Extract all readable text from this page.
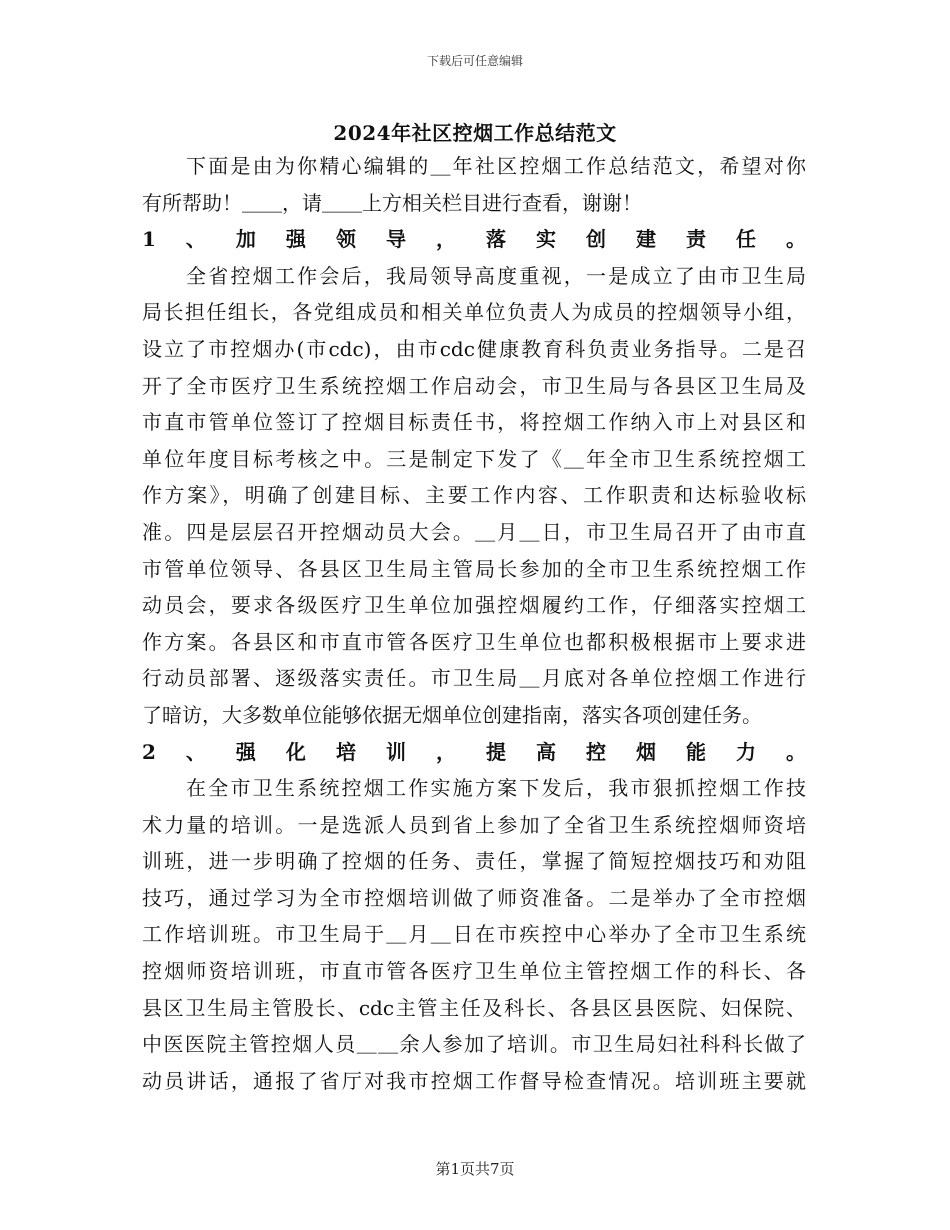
下载后可任意编辑
2024年社区控烟工作总结范文
下面是由为你精心编辑的＿年社区控烟工作总结范文，希望对你
有所帮助！＿＿，请＿＿上方相关栏目进行查看，谢谢！
1、加强领导，落实创建责任。
全省控烟工作会后，我局领导高度重视，一是成立了由市卫生局
局长担任组长，各党组成员和相关单位负责人为成员的控烟领导小组，
设立了市控烟办(市cdc)，由市cdc健康教育科负责业务指导。二是召
开了全市医疗卫生系统控烟工作启动会，市卫生局与各县区卫生局及
市直市管单位签订了控烟目标责任书，将控烟工作纳入市上对县区和
单位年度目标考核之中。三是制定下发了《＿年全市卫生系统控烟工
作方案》，明确了创建目标、主要工作内容、工作职责和达标验收标
准。四是层层召开控烟动员大会。＿月＿日，市卫生局召开了由市直
市管单位领导、各县区卫生局主管局长参加的全市卫生系统控烟工作
动员会，要求各级医疗卫生单位加强控烟履约工作，仔细落实控烟工
作方案。各县区和市直市管各医疗卫生单位也都积极根据市上要求进
行动员部署、逐级落实责任。市卫生局＿月底对各单位控烟工作进行
了暗访，大多数单位能够依据无烟单位创建指南，落实各项创建任务。
2、强化培训，提高控烟能力。
在全市卫生系统控烟工作实施方案下发后，我市狠抓控烟工作技
术力量的培训。一是选派人员到省上参加了全省卫生系统控烟师资培
训班，进一步明确了控烟的任务、责任，掌握了简短控烟技巧和劝阻
技巧，通过学习为全市控烟培训做了师资准备。二是举办了全市控烟
工作培训班。市卫生局于＿月＿日在市疾控中心举办了全市卫生系统
控烟师资培训班，市直市管各医疗卫生单位主管控烟工作的科长、各
县区卫生局主管股长、cdc主管主任及科长、各县区县医院、妇保院、
中医医院主管控烟人员＿＿余人参加了培训。市卫生局妇社科科长做了
动员讲话，通报了省厅对我市控烟工作督导检查情况。培训班主要就
第1页共7页
